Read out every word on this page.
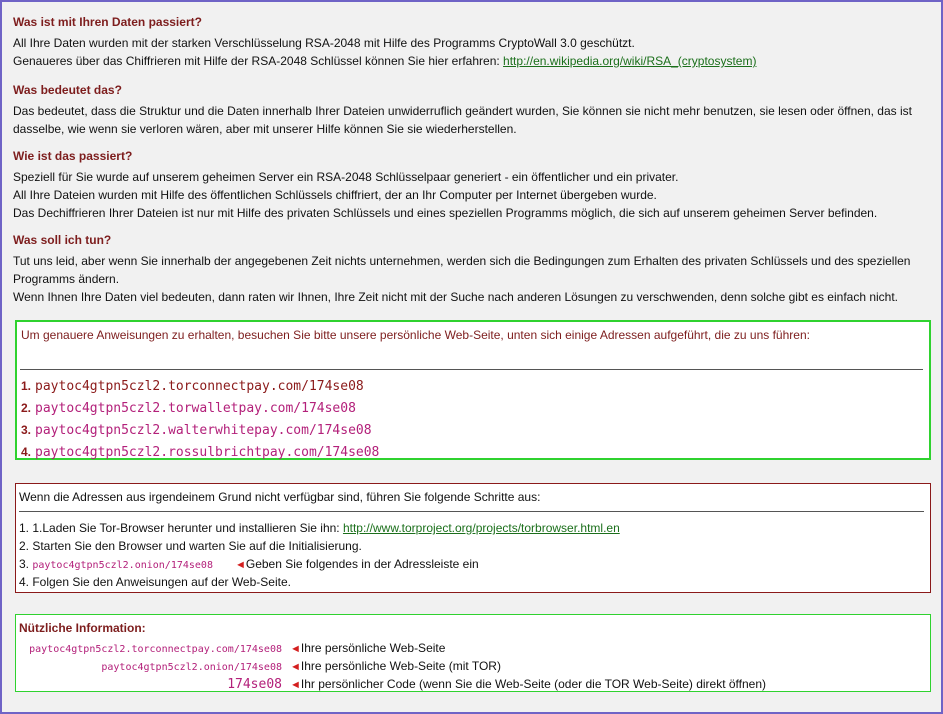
Was ist mit Ihren Daten passiert?

All Ihre Daten wurden mit der starken Verschlüsselung RSA-2048 mit Hilfe des Programms CryptoWall 3.0 geschützt.

Genaueres über das Chiffrieren mit Hilfe der RSA-2048 Schlüssel können Sie hier erfahren: http://en.wikipedia.org/wiki/RSA_(cryptosystem)

Was bedeutet das?

Das bedeutet, dass die Struktur und die Daten innerhalb Ihrer Dateien unwiderruflich geändert wurden, Sie können sie nicht mehr benutzen, sie lesen oder öffnen, das ist dasselbe, wie wenn sie verloren wären, aber mit unserer Hilfe können Sie sie wiederherstellen.

Wie ist das passiert?

Speziell für Sie wurde auf unserem geheimen Server ein RSA-2048 Schlüsselpaar generiert - ein öffentlicher und ein privater.

All Ihre Dateien wurden mit Hilfe des öffentlichen Schlüssels chiffriert, der an Ihr Computer per Internet übergeben wurde.

Das Dechiffrieren Ihrer Dateien ist nur mit Hilfe des privaten Schlüssels und eines speziellen Programms möglich, die sich auf unserem geheimen Server befinden.

Was soll ich tun?

Tut uns leid, aber wenn Sie innerhalb der angegebenen Zeit nichts unternehmen, werden sich die Bedingungen zum Erhalten des privaten Schlüssels und des speziellen Programms ändern.

Wenn Ihnen Ihre Daten viel bedeuten, dann raten wir Ihnen, Ihre Zeit nicht mit der Suche nach anderen Lösungen zu verschwenden, denn solche gibt es einfach nicht.

Um genauere Anweisungen zu erhalten, besuchen Sie bitte unsere persönliche Web-Seite, unten sich einige Adressen aufgeführt, die zu uns führen:
1. paytoc4gtpn5czl2.torconnectpay.com/174se08
2. paytoc4gtpn5czl2.torwalletpay.com/174se08
3. paytoc4gtpn5czl2.walterwhitepay.com/174se08
4. paytoc4gtpn5czl2.rossulbrichtpay.com/174se08
Wenn die Adressen aus irgendeinem Grund nicht verfügbar sind, führen Sie folgende Schritte aus:
1. 1.Laden Sie Tor-Browser herunter und installieren Sie ihn: http://www.torproject.org/projects/torbrowser.html.en
2. Starten Sie den Browser und warten Sie auf die Initialisierung.
3. paytoc4gtpn5czl2.onion/174se08 ◄Geben Sie folgendes in der Adressleiste ein
4. Folgen Sie den Anweisungen auf der Web-Seite.
Nützliche Information:
paytoc4gtpn5czl2.torconnectpay.com/174se08 ◄Ihre persönliche Web-Seite
paytoc4gtpn5czl2.onion/174se08 ◄Ihre persönliche Web-Seite (mit TOR)
174se08 ◄Ihr persönlicher Code (wenn Sie die Web-Seite (oder die TOR Web-Seite) direkt öffnen)
